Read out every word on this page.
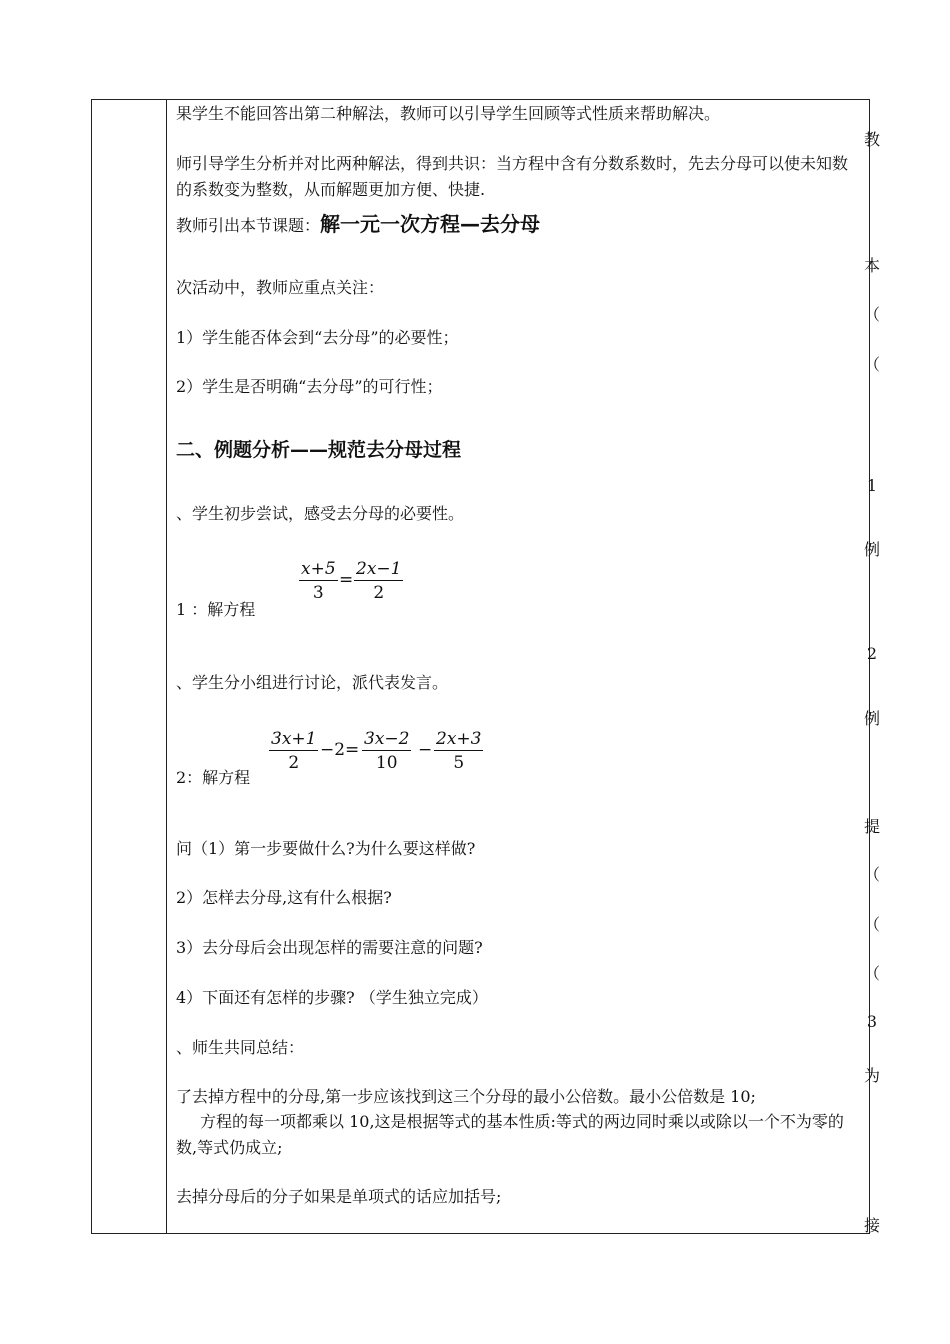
果学生不能回答出第二种解法，教师可以引导学生回顾等式性质来帮助解决。

师引导学生分析并对比两种解法，得到共识：当方程中含有分数系数时，先去分母可以使未知数的系数变为整数，从而解题更加方便、快捷.

教师引出本节课题：解一元一次方程—去分母

次活动中，教师应重点关注：

1）学生能否体会到“去分母”的必要性；

2）学生是否明确“去分母”的可行性；

二、例题分析——规范去分母过程

、学生初步尝试，感受去分母的必要性。

x+5
3
=
2x−1
2

1 ：解方程

、学生分小组进行讨论，派代表发言。

3x+1
2
−2=
3x−2
10
−
2x+3
5

2：解方程

问（1）第一步要做什么?为什么要这样做?

2）怎样去分母,这有什么根据?

3）去分母后会出现怎样的需要注意的问题?

4）下面还有怎样的步骤? （学生独立完成）

、师生共同总结：

了去掉方程中的分母,第一步应该找到这三个分母的最小公倍数。最小公倍数是 10;

方程的每一项都乘以 10,这是根据等式的基本性质:等式的两边同时乘以或除以一个不为零的数,等式仍成立;

去掉分母后的分子如果是单项式的话应加括号;

教
本
（
（
1
例
2
例
提
（
（
（
3
为
接
